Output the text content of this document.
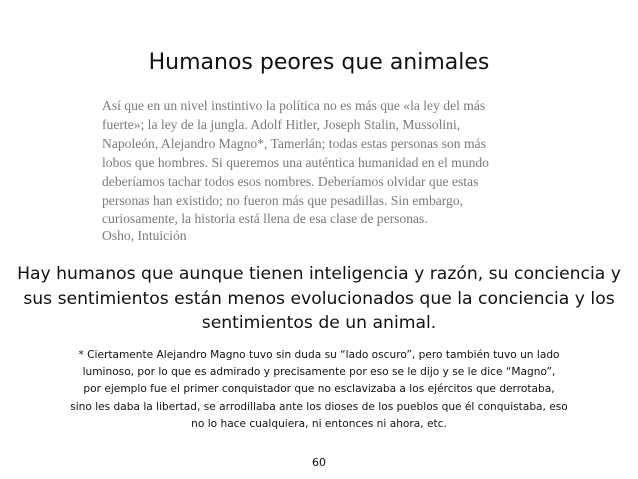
Humanos peores que animales

Así que en un nivel instintivo la política no es más que «la ley del más
fuerte»; la ley de la jungla. Adolf Hitler, Joseph Stalin, Mussolini,
Napoleón, Alejandro Magno*, Tamerlán; todas estas personas son más
lobos que hombres. Si queremos una auténtica humanidad en el mundo
deberíamos tachar todos esos nombres. Deberíamos olvidar que estas
personas han existido; no fueron más que pesadillas. Sin embargo,
curiosamente, la historia está llena de esa clase de personas.

Osho, Intuición
Hay humanos que aunque tienen inteligencia y razón, su conciencia y
sus sentimientos están menos evolucionados que la conciencia y los
sentimientos de un animal.
* Ciertamente Alejandro Magno tuvo sin duda su “lado oscuro”, pero también tuvo un lado
luminoso, por lo que es admirado y precisamente por eso se le dijo y se le dice “Magno”,
por ejemplo fue el primer conquistador que no esclavizaba a los ejércitos que derrotaba,
sino les daba la libertad, se arrodillaba ante los dioses de los pueblos que él conquistaba, eso
no lo hace cualquiera, ni entonces ni ahora, etc.
60
